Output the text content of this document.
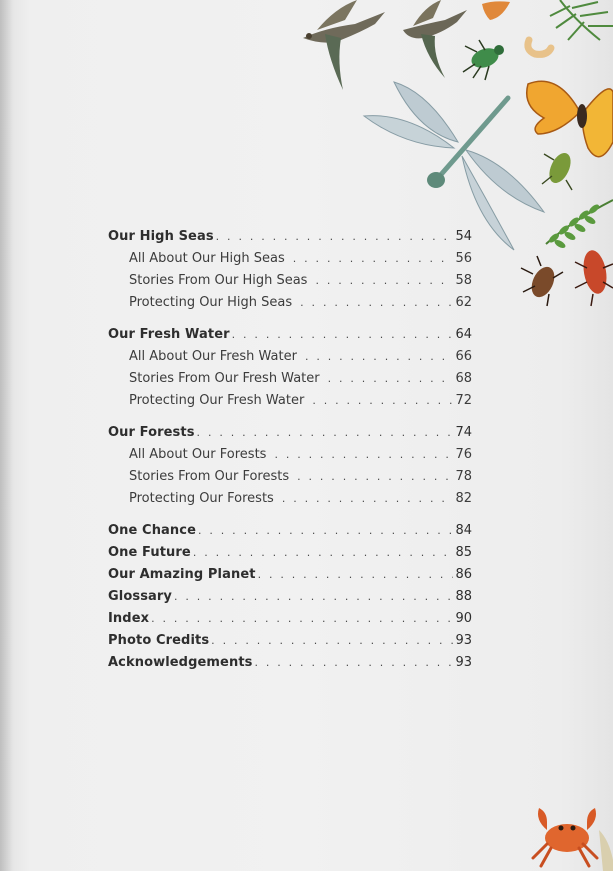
Our High Seas . . .	54
All About Our High Seas . . .	56
Stories From Our High Seas . . .	58
Protecting Our High Seas . . .	62
Our Fresh Water . . .	64
All About Our Fresh Water . . .	66
Stories From Our Fresh Water . . .	68
Protecting Our Fresh Water . . .	72
Our Forests . . .	74
All About Our Forests . . .	76
Stories From Our Forests . . .	78
Protecting Our Forests . . .	82
One Chance . . .	84
One Future . . .	85
Our Amazing Planet . . .	86
Glossary . . .	88
Index . . .	90
Photo Credits . . .	93
Acknowledgements . . .	93
